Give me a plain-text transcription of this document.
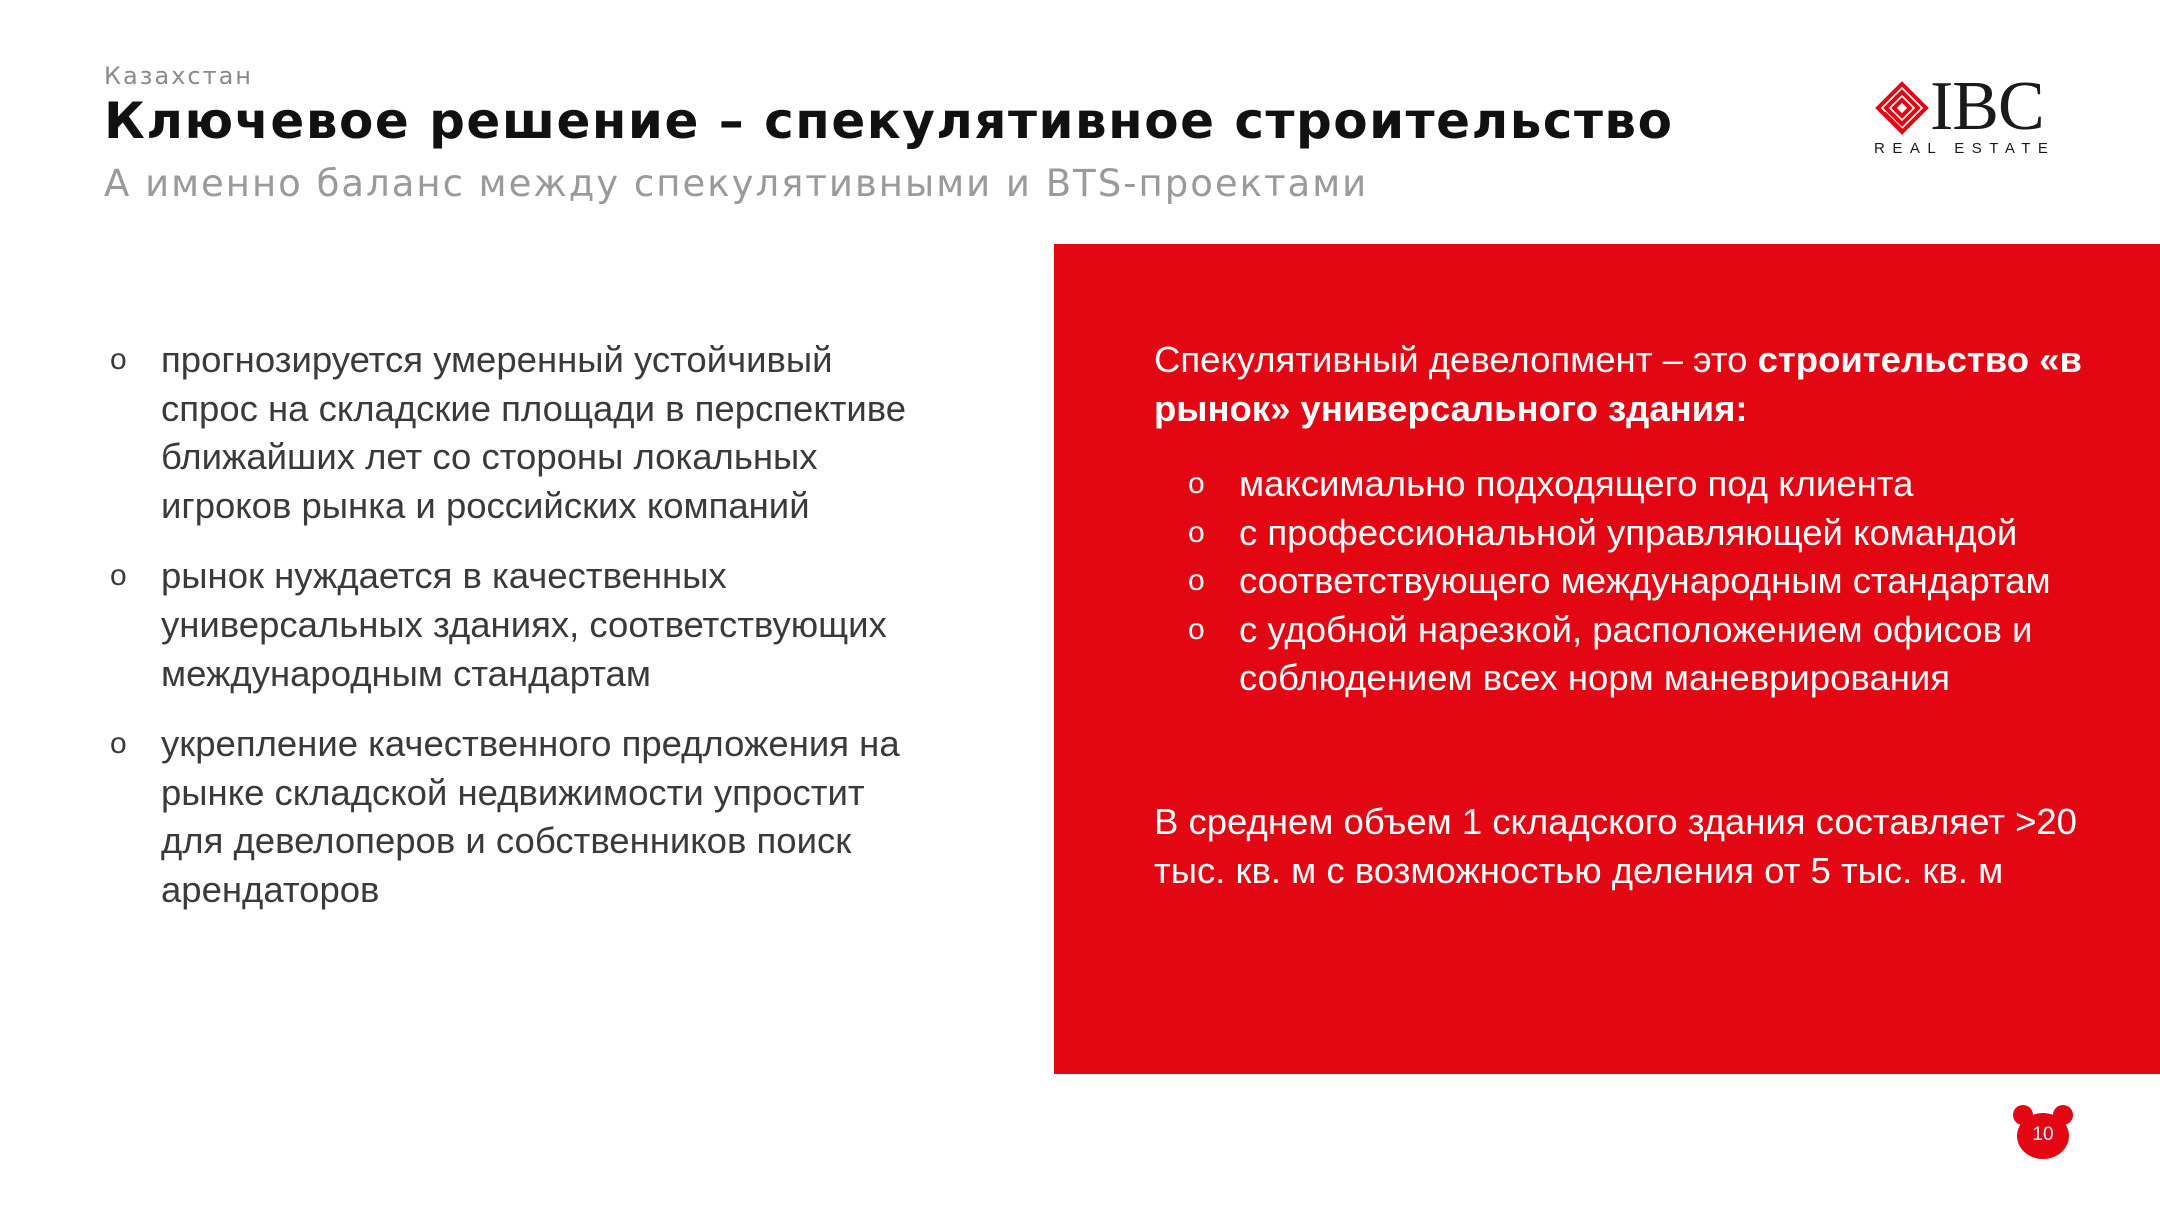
Казахстан
Ключевое решение – спекулятивное строительство
А именно баланс между спекулятивными и BTS-проектами
IBC
REAL ESTATE
o прогнозируется умеренный устойчивый спрос на складские площади в перспективе ближайших лет со стороны локальных игроков рынка и российских компаний
o рынок нуждается в качественных универсальных зданиях, соответствующих международным стандартам
o укрепление качественного предложения на рынке складской недвижимости упростит для девелоперов и собственников поиск арендаторов
Спекулятивный девелопмент – это строительство «в рынок» универсального здания:
o максимально подходящего под клиента
o с профессиональной управляющей командой
o соответствующего международным стандартам
o с удобной нарезкой, расположением офисов и соблюдением всех норм маневрирования
В среднем объем 1 складского здания составляет >20 тыс. кв. м с возможностью деления от 5 тыс. кв. м
10
